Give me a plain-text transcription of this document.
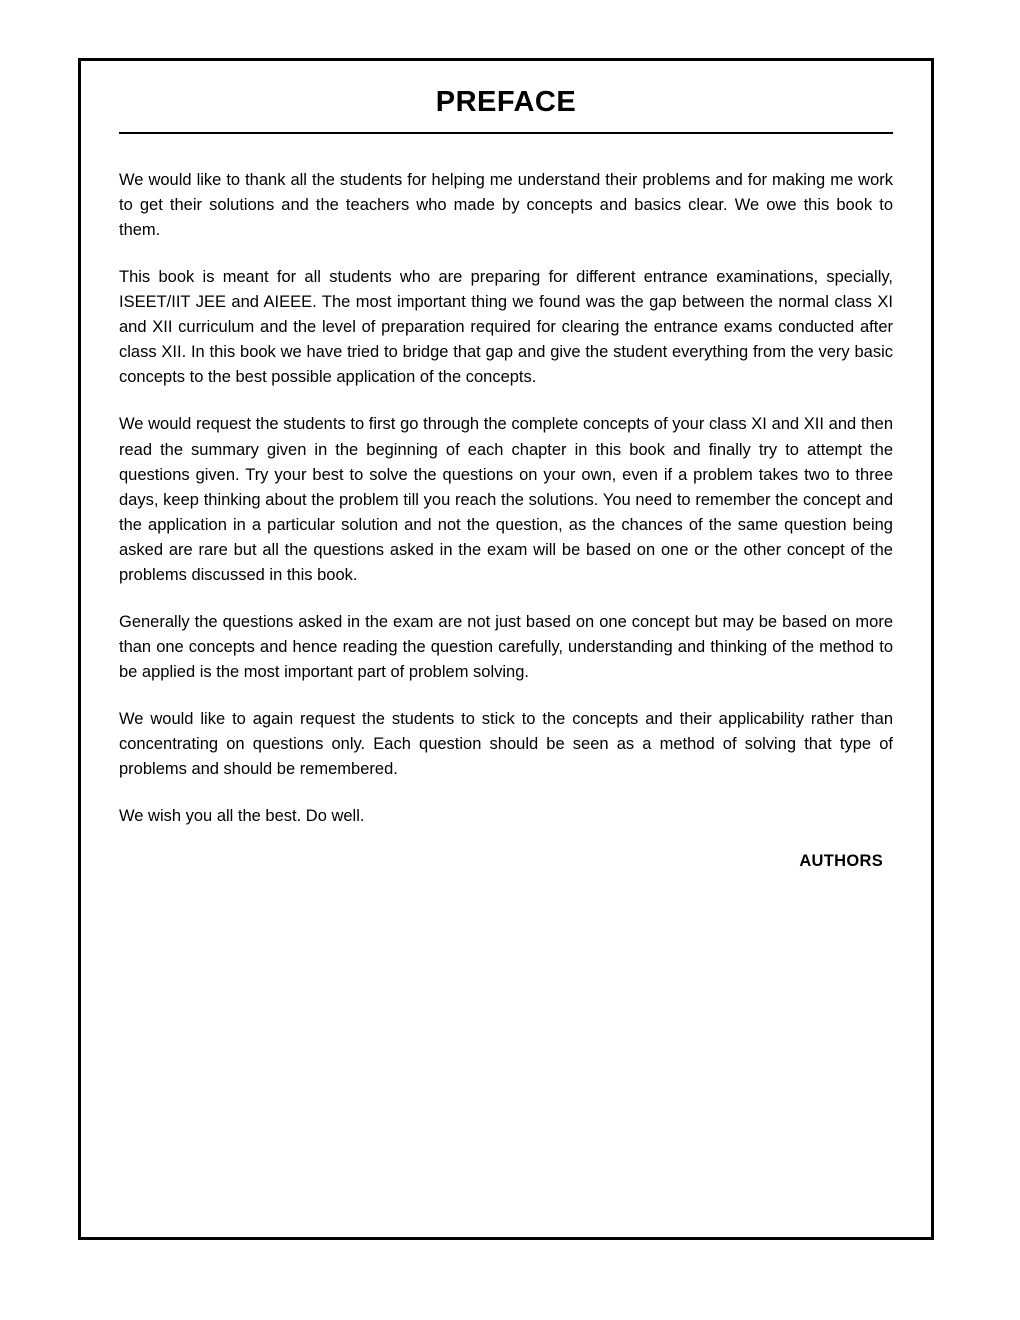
PREFACE

We would like to thank all the students for helping me understand their problems and for making me work to get their solutions and the teachers who made by concepts and basics clear. We owe this book to them.

This book is meant for all students who are preparing for different entrance examinations, specially, ISEET/IIT JEE and AIEEE. The most important thing we found was the gap between the normal class XI and XII curriculum and the level of preparation required for clearing the entrance exams conducted after class XII. In this book we have tried to bridge that gap and give the student everything from the very basic concepts to the best possible application of the concepts.

We would request the students to first go through the complete concepts of your class XI and XII and then read the summary given in the beginning of each chapter in this book and finally try to attempt the questions given. Try your best to solve the questions on your own, even if a problem takes two to three days, keep thinking about the problem till you reach the solutions. You need to remember the concept and the application in a particular solution and not the question, as the chances of the same question being asked are rare but all the questions asked in the exam will be based on one or the other concept of the problems discussed in this book.

Generally the questions asked in the exam are not just based on one concept but may be based on more than one concepts and hence reading the question carefully, understanding and thinking of the method to be applied is the most important part of problem solving.

We would like to again request the students to stick to the concepts and their applicability rather than concentrating on questions only. Each question should be seen as a method of solving that type of problems and should be remembered.

We wish you all the best. Do well.

AUTHORS
